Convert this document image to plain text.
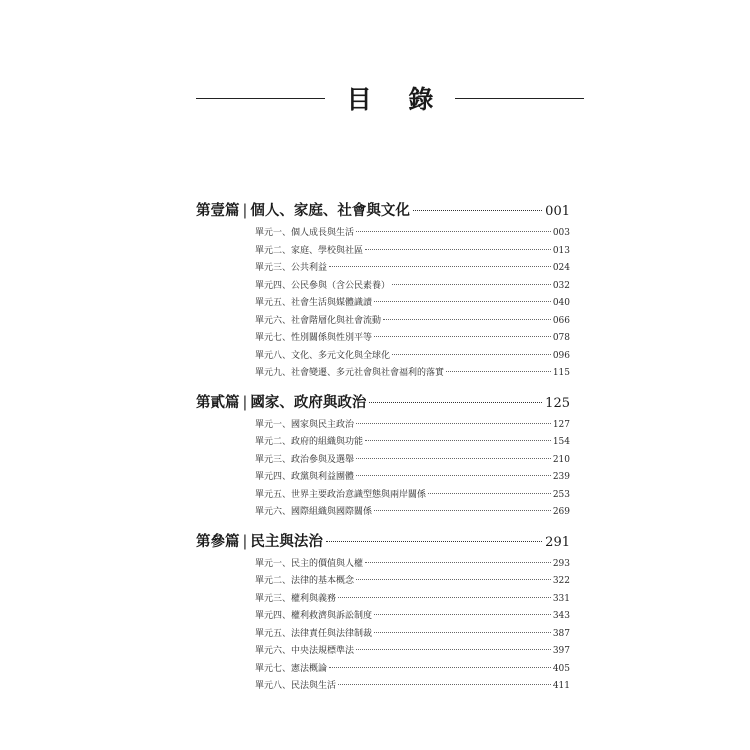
目 錄
第壹篇 | 個人、家庭、社會與文化	001
單元一、個人成長與生活	003
單元二、家庭、學校與社區	013
單元三、公共利益	024
單元四、公民參與（含公民素養）	032
單元五、社會生活與媒體識讀	040
單元六、社會階層化與社會流動	066
單元七、性別關係與性別平等	078
單元八、文化、多元文化與全球化	096
單元九、社會變遷、多元社會與社會福利的落實	115
第貳篇 | 國家、政府與政治	125
單元一、國家與民主政治	127
單元二、政府的組織與功能	154
單元三、政治參與及選舉	210
單元四、政黨與利益團體	239
單元五、世界主要政治意識型態與兩岸關係	253
單元六、國際組織與國際關係	269
第參篇 | 民主與法治	291
單元一、民主的價值與人權	293
單元二、法律的基本概念	322
單元三、權利與義務	331
單元四、權利救濟與訴訟制度	343
單元五、法律責任與法律制裁	387
單元六、中央法規標準法	397
單元七、憲法概論	405
單元八、民法與生活	411
